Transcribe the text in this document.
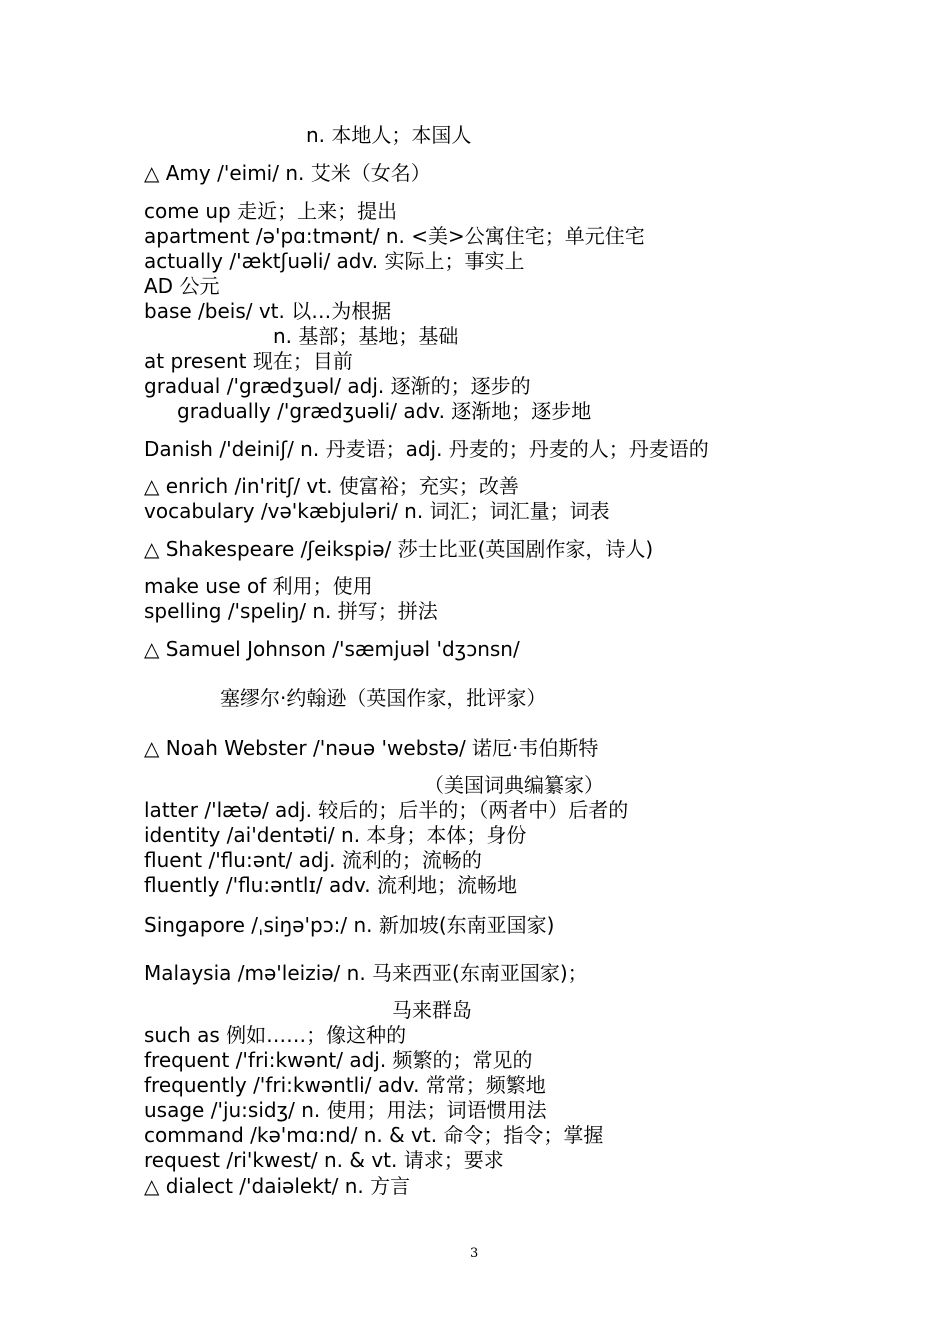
n. 本地人；本国人
△ Amy /'eimi/ n. 艾米（女名）
come up 走近；上来；提出
apartment /ə'pɑ:tmənt/ n. <美>公寓住宅；单元住宅
actually /'æktʃuəli/ adv. 实际上；事实上
AD 公元
base /beis/ vt. 以…为根据
n. 基部；基地；基础
at present 现在；目前
gradual /'grædʒuəl/ adj. 逐渐的；逐步的
gradually /'grædʒuəli/ adv. 逐渐地；逐步地
Danish /'deiniʃ/ n. 丹麦语；adj. 丹麦的；丹麦的人；丹麦语的
△ enrich /in'ritʃ/ vt. 使富裕；充实；改善
vocabulary /və'kæbjuləri/ n. 词汇；词汇量；词表
△ Shakespeare /ʃeikspiə/ 莎士比亚(英国剧作家，诗人)
make use of 利用；使用
spelling /'speliŋ/ n. 拼写；拼法
△ Samuel Johnson /'sæmjuəl 'dʒɔnsn/
塞缪尔·约翰逊（英国作家，批评家）
△ Noah Webster /'nəuə 'webstə/ 诺厄·韦伯斯特
（美国词典编纂家）
latter /'lætə/ adj. 较后的；后半的；（两者中）后者的
identity /ai'dentəti/ n. 本身；本体；身份
fluent /'flu:ənt/ adj. 流利的；流畅的
fluently /'flu:əntlɪ/ adv. 流利地；流畅地
Singapore /ˌsiŋə'pɔ:/ n. 新加坡(东南亚国家)
Malaysia /mə'leiziə/ n. 马来西亚(东南亚国家)；
马来群岛
such as 例如……；像这种的
frequent /'fri:kwənt/ adj. 频繁的；常见的
frequently /'fri:kwəntli/ adv. 常常；频繁地
usage /'ju:sidʒ/ n. 使用；用法；词语惯用法
command /kə'mɑ:nd/ n. & vt. 命令；指令；掌握
request /ri'kwest/ n. & vt. 请求；要求
△ dialect /'daiəlekt/ n. 方言
3
